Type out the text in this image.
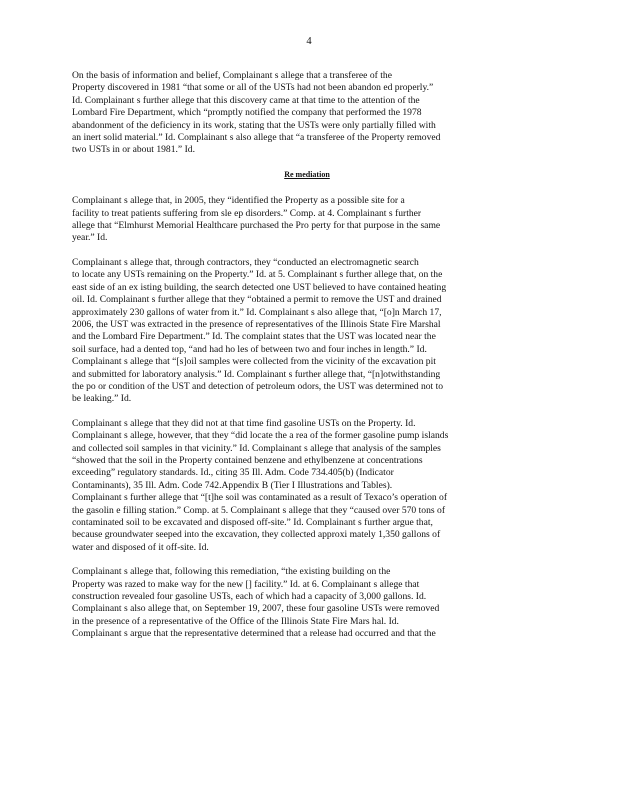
4
On the basis of information and belief, Complainant s allege that a transferee of the
Property discovered in 1981 “that some or all of the USTs had not been abandon ed properly.”
Id. Complainant s further allege that this discovery came at that time to the attention of the
Lombard Fire Department, which “promptly notified the company that performed the 1978
abandonment of the deficiency in its work, stating that the USTs were only partially filled with
an inert solid material.” Id. Complainant s also allege that “a transferee of the Property removed
two USTs in or about 1981.” Id.
Re mediation
Complainant s allege that, in 2005, they “identified the Property as a possible site for a
facility to treat patients suffering from sle ep disorders.” Comp. at 4. Complainant s further
allege that “Elmhurst Memorial Healthcare purchased the Pro perty for that purpose in the same
year.” Id.
Complainant s allege that, through contractors, they “conducted an electromagnetic search
to locate any USTs remaining on the Property.” Id. at 5. Complainant s further allege that, on the
east side of an ex isting building, the search detected one UST believed to have contained heating
oil. Id. Complainant s further allege that they “obtained a permit to remove the UST and drained
approximately 230 gallons of water from it.” Id. Complainant s also allege that, “[o]n March 17,
2006, the UST was extracted in the presence of representatives of the Illinois State Fire Marshal
and the Lombard Fire Department.” Id. The complaint states that the UST was located near the
soil surface, had a dented top, “and had ho les of between two and four inches in length.” Id.
Complainant s allege that “[s]oil samples were collected from the vicinity of the excavation pit
and submitted for laboratory analysis.” Id. Complainant s further allege that, “[n]otwithstanding
the po or condition of the UST and detection of petroleum odors, the UST was determined not to
be leaking.” Id.
Complainant s allege that they did not at that time find gasoline USTs on the Property. Id.
Complainant s allege, however, that they “did locate the a rea of the former gasoline pump islands
and collected soil samples in that vicinity.” Id. Complainant s allege that analysis of the samples
“showed that the soil in the Property contained benzene and ethylbenzene at concentrations
exceeding” regulatory standards. Id., citing 35 Ill. Adm. Code 734.405(b) (Indicator
Contaminants), 35 Ill. Adm. Code 742.Appendix B (Tier I Illustrations and Tables).
Complainant s further allege that “[t]he soil was contaminated as a result of Texaco’s operation of
the gasolin e filling station.” Comp. at 5. Complainant s allege that they “caused over 570 tons of
contaminated soil to be excavated and disposed off-site.” Id. Complainant s further argue that,
because groundwater seeped into the excavation, they collected approxi mately 1,350 gallons of
water and disposed of it off-site. Id.
Complainant s allege that, following this remediation, “the existing building on the
Property was razed to make way for the new [] facility.” Id. at 6. Complainant s allege that
construction revealed four gasoline USTs, each of which had a capacity of 3,000 gallons. Id.
Complainant s also allege that, on September 19, 2007, these four gasoline USTs were removed
in the presence of a representative of the Office of the Illinois State Fire Mars hal. Id.
Complainant s argue that the representative determined that a release had occurred and that the
